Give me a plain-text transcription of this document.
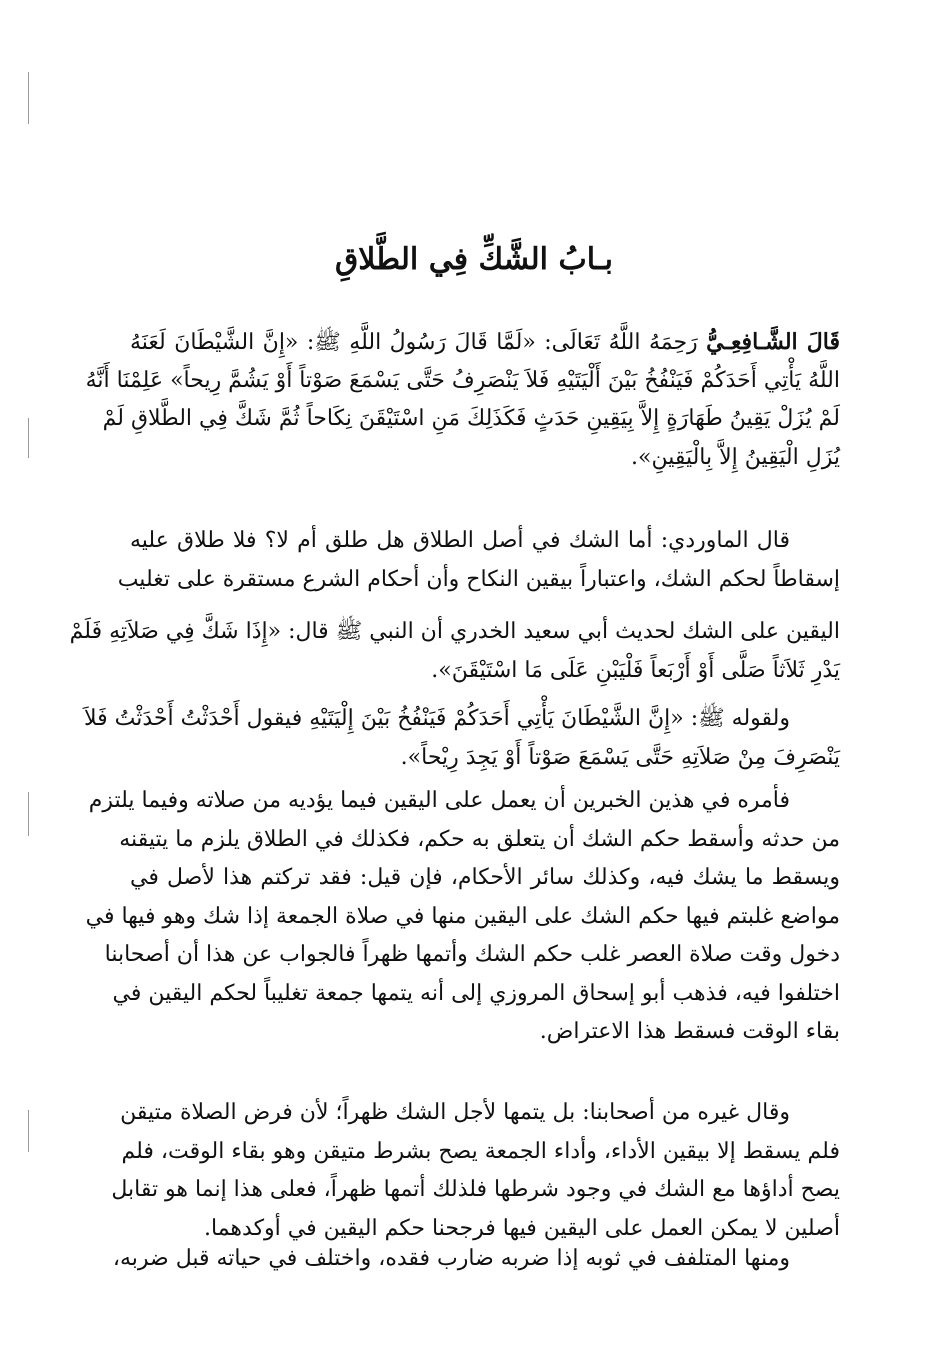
بـابُ الشَّكِّ فِي الطَّلاقِ
قَالَ الشَّـافِعِـيُّ رَحِمَهُ اللَّهُ تَعَالَى: «لَمَّا قَالَ رَسُولُ اللَّهِ ﷺ: «إِنَّ الشَّيْطَانَ لَعَنَهُ
اللَّهُ يَأْتِي أَحَدَكُمْ فَيَنْفُخُ بَيْنَ أَلْيَتَيْهِ فَلاَ يَنْصَرِفُ حَتَّى يَسْمَعَ صَوْتاً أَوْ يَشُمَّ رِيحاً» عَلِمْنَا أَنَّهُ
لَمْ يُزَلْ يَقِينُ طَهَارَةٍ إِلاَّ بِيَقِينِ حَدَثٍ فَكَذَلِكَ مَنِ اسْتَيْقَنَ نِكَاحاً ثُمَّ شَكَّ فِي الطَّلاقِ لَمْ
يُزَلِ الْيَقِينُ إِلاَّ بِالْيَقِينِ».
قال الماوردي: أما الشك في أصل الطلاق هل طلق أم لا؟ فلا طلاق عليه
إسقاطاً لحكم الشك، واعتباراً بيقين النكاح وأن أحكام الشرع مستقرة على تغليب
اليقين على الشك لحديث أبي سعيد الخدري أن النبي ﷺ قال: «إِذَا شَكَّ فِي صَلاَتِهِ فَلَمْ
يَدْرِ ثَلاَثاً صَلَّى أَوْ أَرْبَعاً فَلْيَبْنِ عَلَى مَا اسْتَيْقَنَ».
ولقوله ﷺ: «إِنَّ الشَّيْطَانَ يَأْتِي أَحَدَكُمْ فَيَنْفُخُ بَيْنَ إِلْيَتَيْهِ فيقول أَحْدَثْتُ أَحْدَثْتُ فَلاَ
يَنْصَرِفَ مِنْ صَلاَتِهِ حَتَّى يَسْمَعَ صَوْتاً أَوْ يَجِدَ رِيْحاً».
فأمره في هذين الخبرين أن يعمل على اليقين فيما يؤديه من صلاته وفيما يلتزم
من حدثه وأسقط حكم الشك أن يتعلق به حكم، فكذلك في الطلاق يلزم ما يتيقنه
ويسقط ما يشك فيه، وكذلك سائر الأحكام، فإن قيل: فقد تركتم هذا لأصل في
مواضع غلبتم فيها حكم الشك على اليقين منها في صلاة الجمعة إذا شك وهو فيها في
دخول وقت صلاة العصر غلب حكم الشك وأتمها ظهراً فالجواب عن هذا أن أصحابنا
اختلفوا فيه، فذهب أبو إسحاق المروزي إلى أنه يتمها جمعة تغليباً لحكم اليقين في
بقاء الوقت فسقط هذا الاعتراض.
وقال غيره من أصحابنا: بل يتمها لأجل الشك ظهراً؛ لأن فرض الصلاة متيقن
فلم يسقط إلا بيقين الأداء، وأداء الجمعة يصح بشرط متيقن وهو بقاء الوقت، فلم
يصح أداؤها مع الشك في وجود شرطها فلذلك أتمها ظهراً، فعلى هذا إنما هو تقابل
أصلين لا يمكن العمل على اليقين فيها فرجحنا حكم اليقين في أوكدهما.
ومنها المتلفف في ثوبه إذا ضربه ضارب فقده، واختلف في حياته قبل ضربه،
